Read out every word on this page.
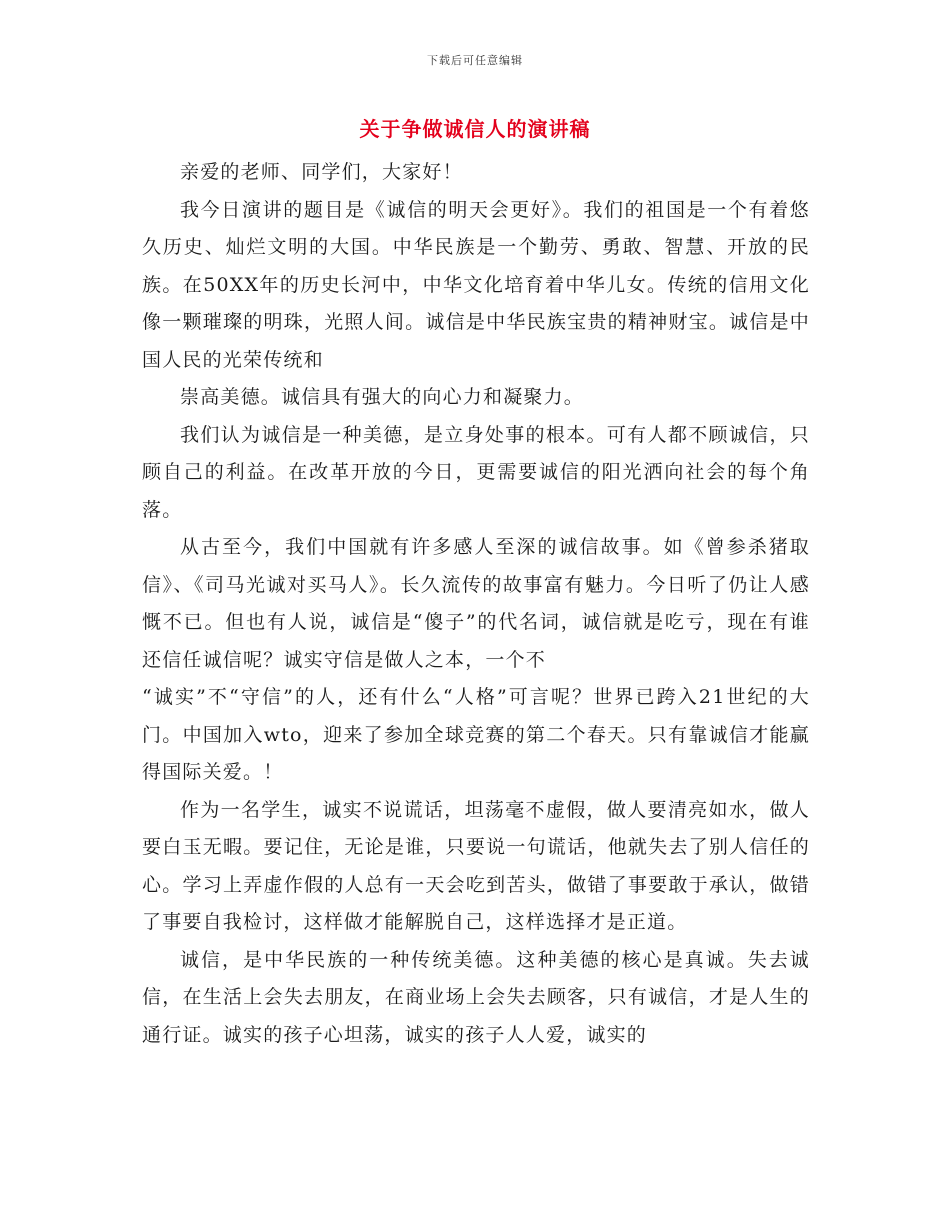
下载后可任意编辑
关于争做诚信人的演讲稿

亲爱的老师、同学们，大家好！

我今日演讲的题目是《诚信的明天会更好》。我们的祖国是一个有着悠久历史、灿烂文明的大国。中华民族是一个勤劳、勇敢、智慧、开放的民族。在50XX年的历史长河中，中华文化培育着中华儿女。传统的信用文化像一颗璀璨的明珠，光照人间。诚信是中华民族宝贵的精神财宝。诚信是中国人民的光荣传统和

崇高美德。诚信具有强大的向心力和凝聚力。

我们认为诚信是一种美德，是立身处事的根本。可有人都不顾诚信，只顾自己的利益。在改革开放的今日，更需要诚信的阳光洒向社会的每个角落。

从古至今，我们中国就有许多感人至深的诚信故事。如《曾参杀猪取信》、《司马光诚对买马人》。长久流传的故事富有魅力。今日听了仍让人感慨不已。但也有人说，诚信是“傻子”的代名词，诚信就是吃亏，现在有谁还信任诚信呢？诚实守信是做人之本，一个不

“诚实”不“守信”的人，还有什么“人格”可言呢？世界已跨入21世纪的大门。中国加入wto，迎来了参加全球竞赛的第二个春天。只有靠诚信才能赢得国际关爱。！

作为一名学生，诚实不说谎话，坦荡毫不虚假，做人要清亮如水，做人要白玉无暇。要记住，无论是谁，只要说一句谎话，他就失去了别人信任的心。学习上弄虚作假的人总有一天会吃到苦头，做错了事要敢于承认，做错了事要自我检讨，这样做才能解脱自己，这样选择才是正道。

诚信，是中华民族的一种传统美德。这种美德的核心是真诚。失去诚信，在生活上会失去朋友，在商业场上会失去顾客，只有诚信，才是人生的通行证。诚实的孩子心坦荡，诚实的孩子人人爱，诚实的
